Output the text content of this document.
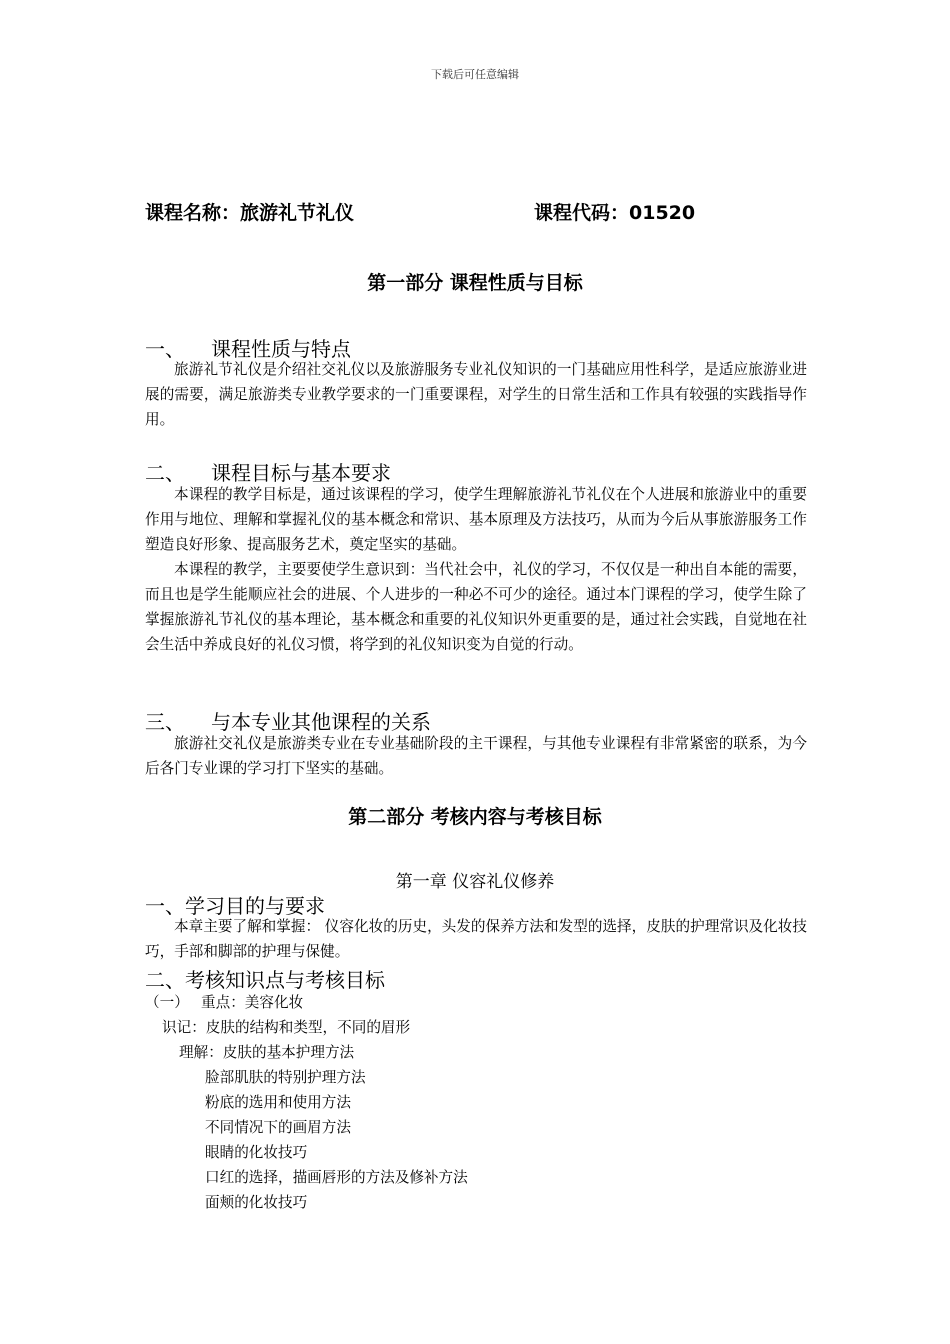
下载后可任意编辑
课程名称：旅游礼节礼仪	课程代码：01520
第一部分 课程性质与目标
一、 课程性质与特点
旅游礼节礼仪是介绍社交礼仪以及旅游服务专业礼仪知识的一门基础应用性科学，是适应旅游业进展的需要，满足旅游类专业教学要求的一门重要课程，对学生的日常生活和工作具有较强的实践指导作用。
二、 课程目标与基本要求
本课程的教学目标是，通过该课程的学习，使学生理解旅游礼节礼仪在个人进展和旅游业中的重要作用与地位、理解和掌握礼仪的基本概念和常识、基本原理及方法技巧，从而为今后从事旅游服务工作塑造良好形象、提高服务艺术，奠定坚实的基础。
本课程的教学，主要要使学生意识到：当代社会中，礼仪的学习，不仅仅是一种出自本能的需要，而且也是学生能顺应社会的进展、个人进步的一种必不可少的途径。通过本门课程的学习，使学生除了掌握旅游礼节礼仪的基本理论，基本概念和重要的礼仪知识外更重要的是，通过社会实践，自觉地在社会生活中养成良好的礼仪习惯，将学到的礼仪知识变为自觉的行动。
三、 与本专业其他课程的关系
旅游社交礼仪是旅游类专业在专业基础阶段的主干课程，与其他专业课程有非常紧密的联系，为今后各门专业课的学习打下坚实的基础。
第二部分 考核内容与考核目标
第一章 仪容礼仪修养
一、学习目的与要求
本章主要了解和掌握： 仪容化妆的历史，头发的保养方法和发型的选择，皮肤的护理常识及化妆技巧，手部和脚部的护理与保健。
二、考核知识点与考核目标
（一） 重点：美容化妆
识记：皮肤的结构和类型，不同的眉形
理解：皮肤的基本护理方法
脸部肌肤的特别护理方法
粉底的选用和使用方法
不同情况下的画眉方法
眼睛的化妆技巧
口红的选择，描画唇形的方法及修补方法
面颊的化妆技巧
